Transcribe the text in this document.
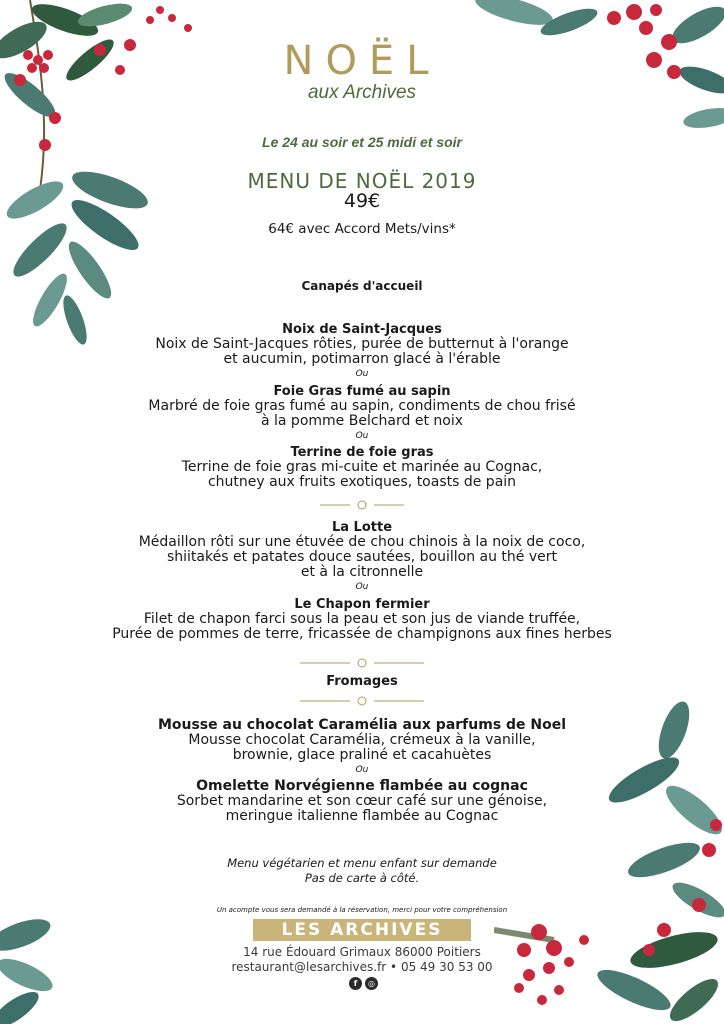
NOËL
aux Archives
Le 24 au soir et 25 midi et soir
MENU DE NOËL 2019
49€
64€ avec Accord Mets/vins*
Canapés d'accueil
Noix de Saint-Jacques
Noix de Saint-Jacques rôties, purée de butternut à l'orange
et aucumin, potimarron glacé à l'érable
Ou
Foie Gras fumé au sapin
Marbré de foie gras fumé au sapin, condiments de chou frisé
à la pomme Belchard et noix
Ou
Terrine de foie gras
Terrine de foie gras mi-cuite et marinée au Cognac,
chutney aux fruits exotiques, toasts de pain
La Lotte
Médaillon rôti sur une étuvée de chou chinois à la noix de coco,
shiitakés et patates douce sautées, bouillon au thé vert
et à la citronnelle
Ou
Le Chapon fermier
Filet de chapon farci sous la peau et son jus de viande truffée,
Purée de pommes de terre, fricassée de champignons aux fines herbes
Fromages
Mousse au chocolat Caramélia aux parfums de Noel
Mousse chocolat Caramélia, crémeux à la vanille,
brownie, glace praliné et cacahuètes
Ou
Omelette Norvégienne flambée au cognac
Sorbet mandarine et son cœur café sur une génoise,
meringue italienne flambée au Cognac
Menu végétarien et menu enfant sur demande
Pas de carte à côté.
Un acompte vous sera demandé à la réservation, merci pour votre compréhension
LES ARCHIVES
14 rue Édouard Grimaux 86000 Poitiers
restaurant@lesarchives.fr • 05 49 30 53 00
f	◎
